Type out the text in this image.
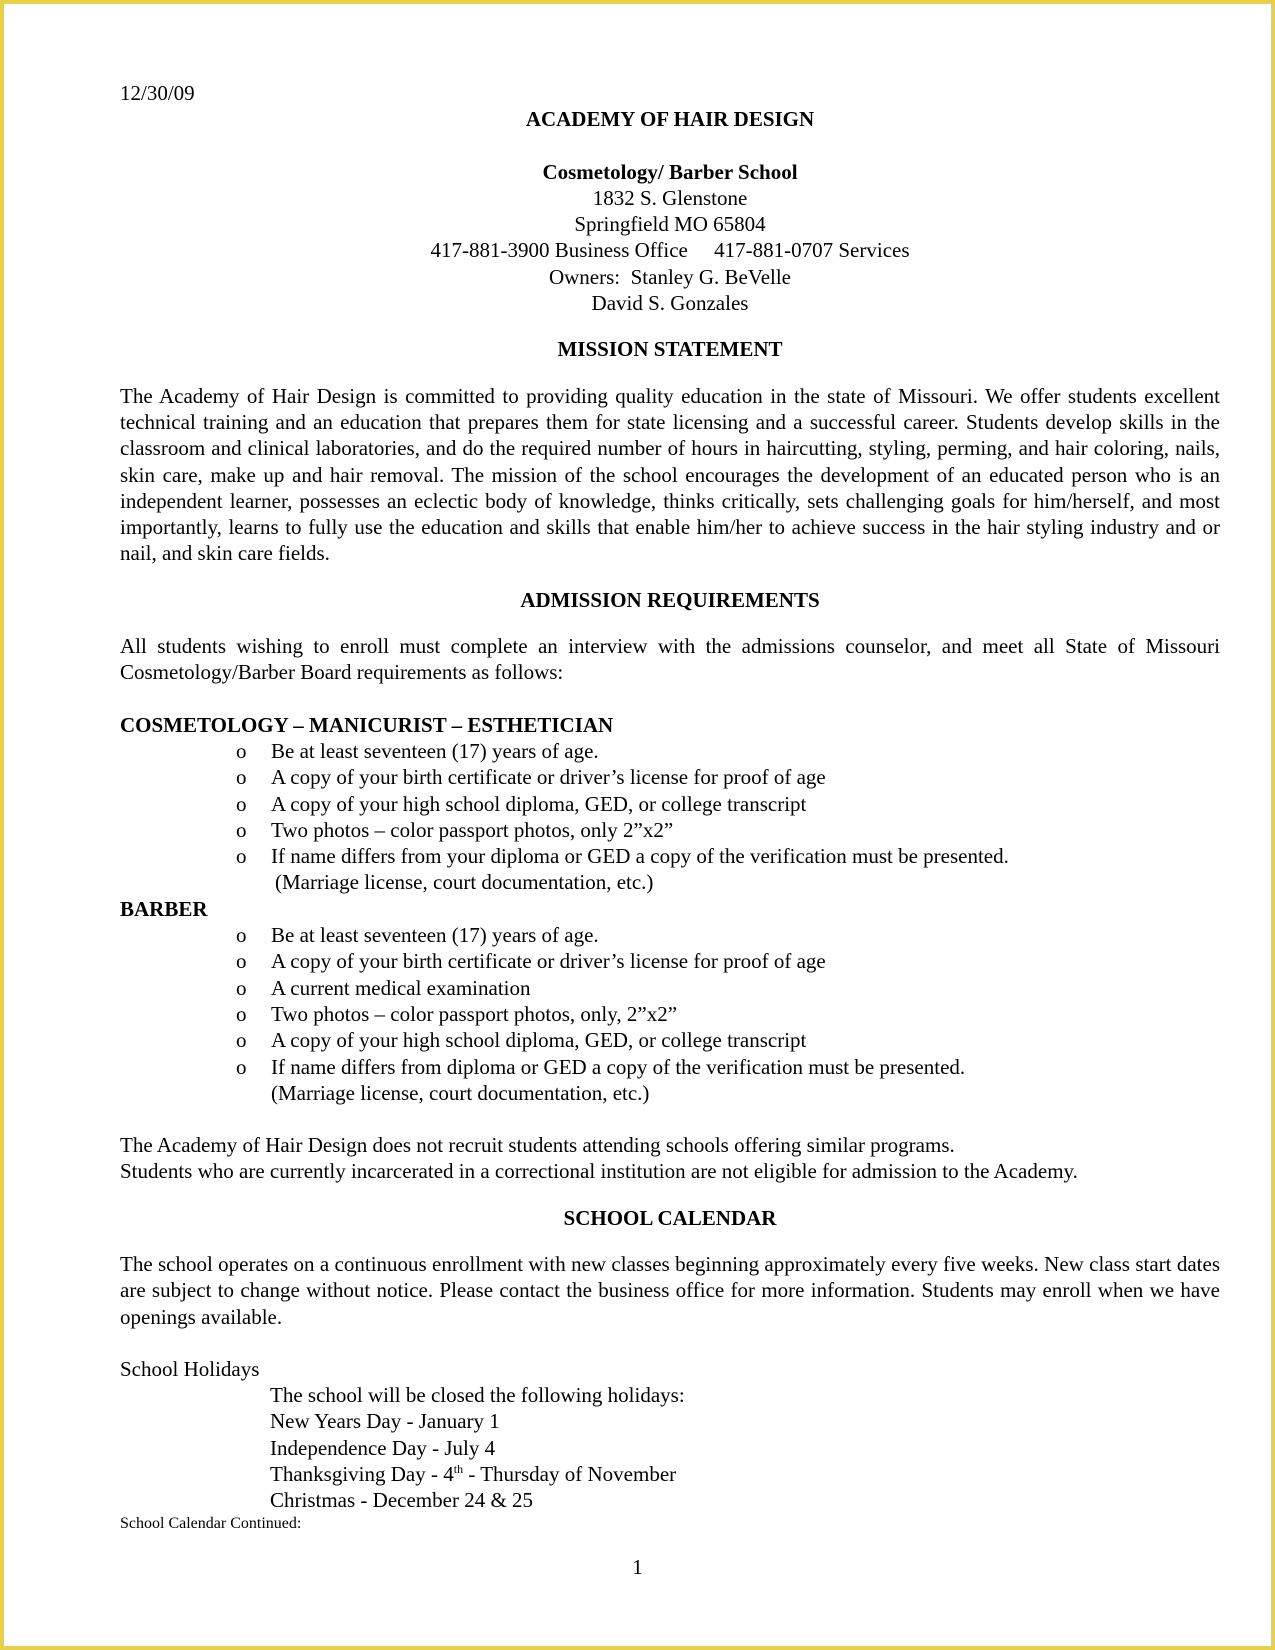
12/30/09
ACADEMY OF HAIR DESIGN
Cosmetology/ Barber School
1832 S. Glenstone
Springfield MO 65804
417-881-3900 Business Office     417-881-0707 Services
Owners:  Stanley G. BeVelle
David S. Gonzales
MISSION STATEMENT

The Academy of Hair Design is committed to providing quality education in the state of Missouri. We offer students excellent technical training and an education that prepares them for state licensing and a successful career. Students develop skills in the classroom and clinical laboratories, and do the required number of hours in haircutting, styling, perming, and hair coloring, nails, skin care, make up and hair removal. The mission of the school encourages the development of an educated person who is an independent learner, possesses an eclectic body of knowledge, thinks critically, sets challenging goals for him/herself, and most importantly, learns to fully use the education and skills that enable him/her to achieve success in the hair styling industry and or nail, and skin care fields.

ADMISSION REQUIREMENTS

All students wishing to enroll must complete an interview with the admissions counselor, and meet all State of Missouri Cosmetology/Barber Board requirements as follows:

COSMETOLOGY – MANICURIST – ESTHETICIAN
o Be at least seventeen (17) years of age.
o A copy of your birth certificate or driver’s license for proof of age
o A copy of your high school diploma, GED, or college transcript
o Two photos – color passport photos, only 2”x2”
o If name differs from your diploma or GED a copy of the verification must be presented.
(Marriage license, court documentation, etc.)
BARBER
o Be at least seventeen (17) years of age.
o A copy of your birth certificate or driver’s license for proof of age
o A current medical examination
o Two photos – color passport photos, only, 2”x2”
o A copy of your high school diploma, GED, or college transcript
o If name differs from diploma or GED a copy of the verification must be presented.
(Marriage license, court documentation, etc.)
The Academy of Hair Design does not recruit students attending schools offering similar programs.
Students who are currently incarcerated in a correctional institution are not eligible for admission to the Academy.
SCHOOL CALENDAR

The school operates on a continuous enrollment with new classes beginning approximately every five weeks. New class start dates are subject to change without notice. Please contact the business office for more information. Students may enroll when we have openings available.

School Holidays
The school will be closed the following holidays:
New Years Day - January 1
Independence Day - July 4
Thanksgiving Day - 4th - Thursday of November
Christmas - December 24 & 25
School Calendar Continued:
1
